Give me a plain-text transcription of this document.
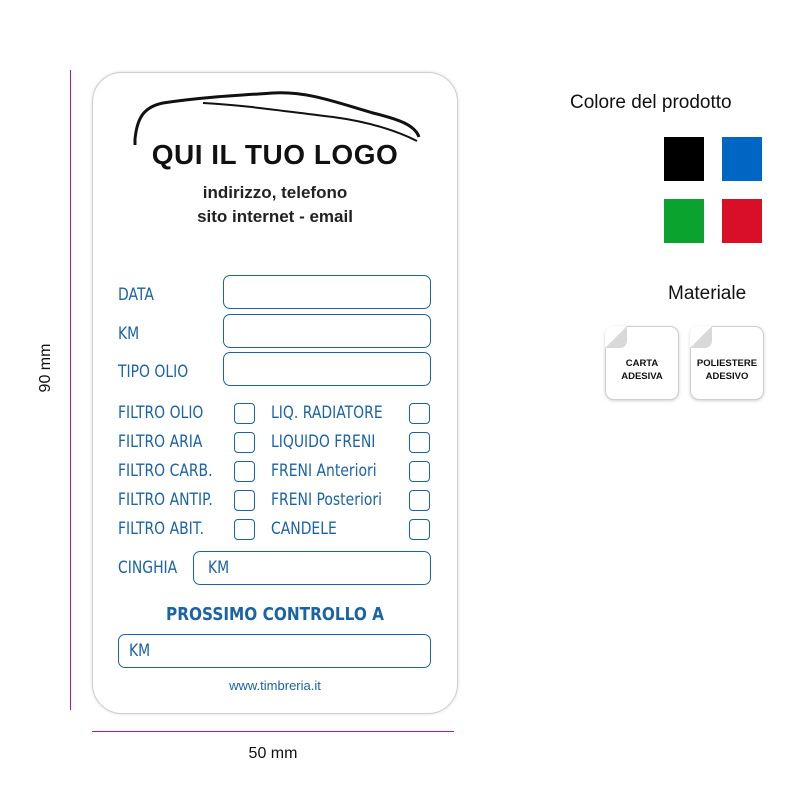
90 mm
50 mm
QUI IL TUO LOGO
indirizzo, telefono
sito internet - email
DATA
KM
TIPO OLIO
FILTRO OLIO
FILTRO ARIA
FILTRO CARB.
FILTRO ANTIP.
FILTRO ABIT.
LIQ. RADIATORE
LIQUIDO FRENI
FRENI Anteriori
FRENI Posteriori
CANDELE
CINGHIA KM
PROSSIMO CONTROLLO A
KM
www.timbreria.it
Colore del prodotto
Materiale
CARTA
ADESIVA
POLIESTERE
ADESIVO
